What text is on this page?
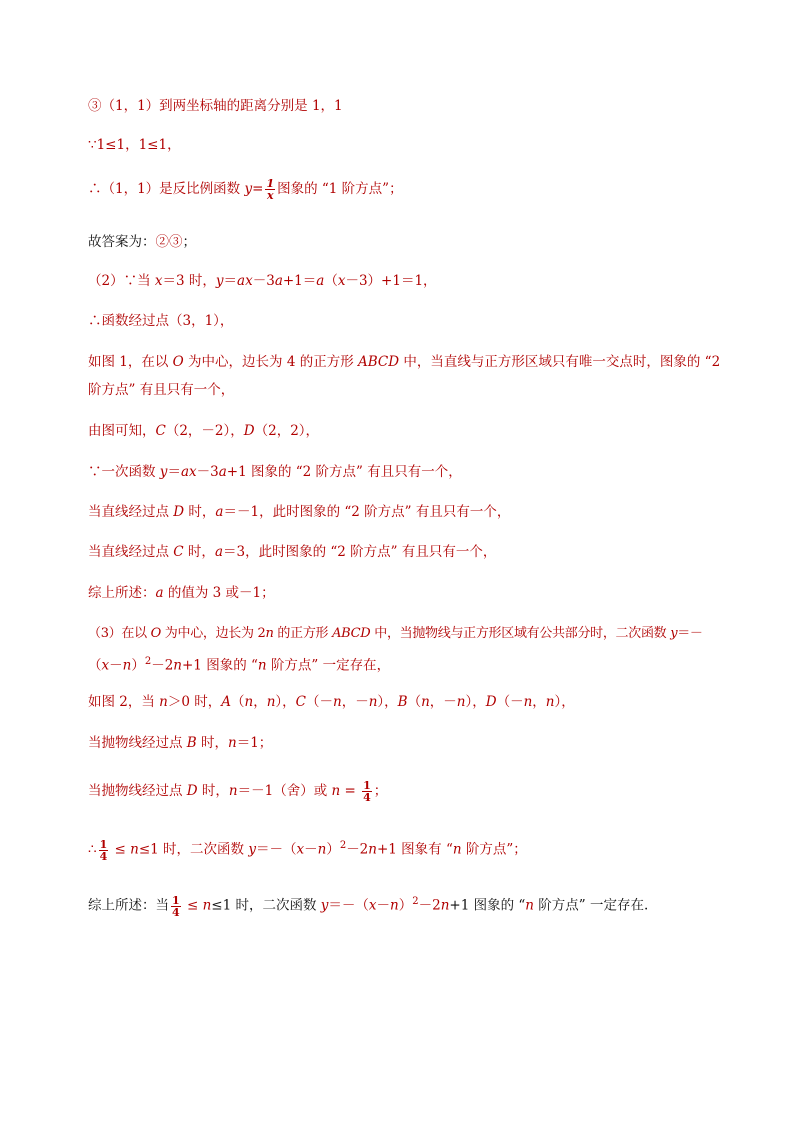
③（1，1）到两坐标轴的距离分别是 1，1
∵1≤1，1≤1，
∴（1，1）是反比例函数 $y= \frac{1}{x}$ 图象的 “1 阶方点”；
故答案为：②③；
（2）∵当 x＝3 时，y＝ax－3a+1＝a（x－3）+1＝1，
∴函数经过点（3，1），
如图 1，在以 O 为中心，边长为 4 的正方形 ABCD 中，当直线与正方形区域只有唯一交点时，图象的 “2
阶方点” 有且只有一个，
由图可知，C（2，－2），D（2，2），
∵一次函数 y＝ax－3a+1 图象的 “2 阶方点” 有且只有一个，
当直线经过点 D 时，a＝－1，此时图象的 “2 阶方点” 有且只有一个，
当直线经过点 C 时，a＝3，此时图象的 “2 阶方点” 有且只有一个，
综上所述：a 的值为 3 或－1；
（3）在以 O 为中心，边长为 2n 的正方形 ABCD 中，当抛物线与正方形区域有公共部分时，二次函数 y＝－
$(x-n)^2-2n+1$ 图象的 “n 阶方点” 一定存在，
如图 2，当 n＞0 时，A（n，n），C（－n，－n），B（n，－n），D（－n，n），
当抛物线经过点 B 时，n＝1；
当抛物线经过点 D 时，n＝－1（舍）或 $n = \frac{1}{4}$ ；
∴ $\frac{1}{4} \le n\le 1$ 时，二次函数 $y=-(x-n)^2-2n+1$ 图象有 “n 阶方点”；
综上所述：当 $\frac{1}{4} \le n\le 1$ 时，二次函数 $y=-(x-n)^2-2n+1$ 图象的 “n 阶方点” 一定存在.
